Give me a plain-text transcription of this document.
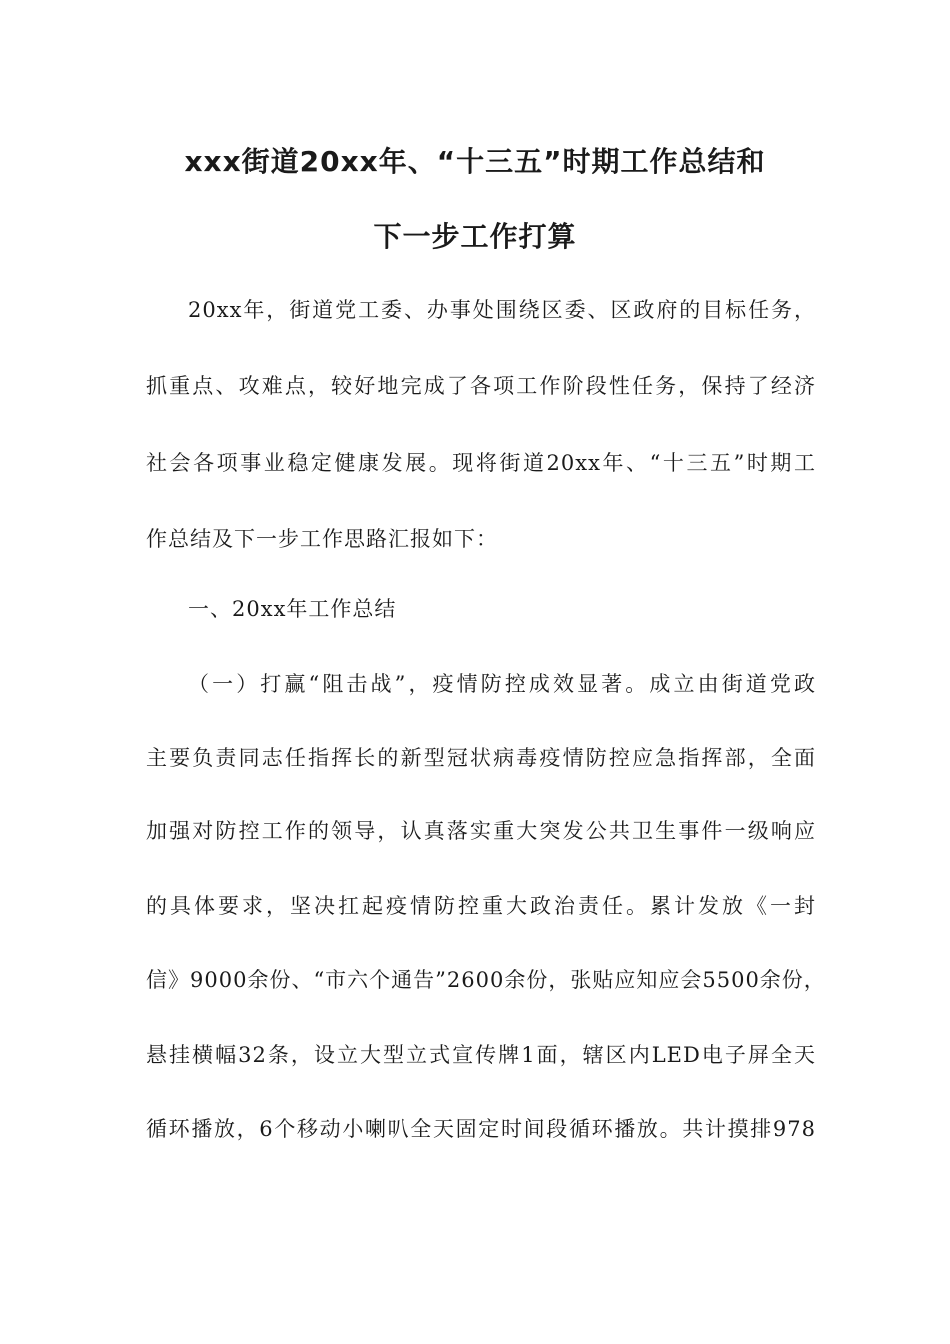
xxx街道20xx年、“十三五”时期工作总结和
下一步工作打算
20xx年，街道党工委、办事处围绕区委、区政府的目标任务，
抓重点、攻难点，较好地完成了各项工作阶段性任务，保持了经济
社会各项事业稳定健康发展。现将街道20xx年、“十三五”时期工
作总结及下一步工作思路汇报如下：
一、20xx年工作总结
（一）打赢“阻击战”，疫情防控成效显著。成立由街道党政
主要负责同志任指挥长的新型冠状病毒疫情防控应急指挥部，全面
加强对防控工作的领导，认真落实重大突发公共卫生事件一级响应
的具体要求，坚决扛起疫情防控重大政治责任。累计发放《一封
信》9000余份、“市六个通告”2600余份，张贴应知应会5500余份，
悬挂横幅32条，设立大型立式宣传牌1面，辖区内LED电子屏全天
循环播放，6个移动小喇叭全天固定时间段循环播放。共计摸排978
